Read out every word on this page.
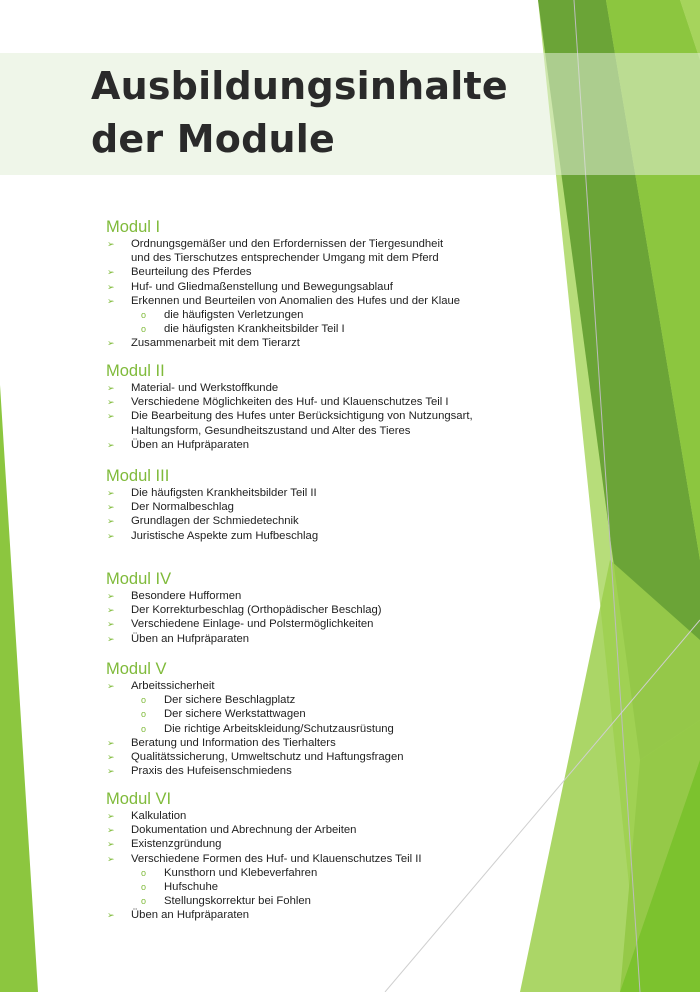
Ausbildungsinhalte
der Module
Modul I
➢ Ordnungsgemäßer und den Erfordernissen der Tiergesundheit
und des Tierschutzes entsprechender Umgang mit dem Pferd
➢ Beurteilung des Pferdes
➢ Huf- und Gliedmaßenstellung und Bewegungsablauf
➢ Erkennen und Beurteilen von Anomalien des Hufes und der Klaue
o die häufigsten Verletzungen
o die häufigsten Krankheitsbilder Teil I
➢ Zusammenarbeit mit dem Tierarzt
Modul II
➢ Material- und Werkstoffkunde
➢ Verschiedene Möglichkeiten des Huf- und Klauenschutzes Teil I
➢ Die Bearbeitung des Hufes unter Berücksichtigung von Nutzungsart,
Haltungsform, Gesundheitszustand und Alter des Tieres
➢ Üben an Hufpräparaten
Modul III
➢ Die häufigsten Krankheitsbilder Teil II
➢ Der Normalbeschlag
➢ Grundlagen der Schmiedetechnik
➢ Juristische Aspekte zum Hufbeschlag
Modul IV
➢ Besondere Hufformen
➢ Der Korrekturbeschlag (Orthopädischer Beschlag)
➢ Verschiedene Einlage- und Polstermöglichkeiten
➢ Üben an Hufpräparaten
Modul V
➢ Arbeitssicherheit
o Der sichere Beschlagplatz
o Der sichere Werkstattwagen
o Die richtige Arbeitskleidung/Schutzausrüstung
➢ Beratung und Information des Tierhalters
➢ Qualitätssicherung, Umweltschutz und Haftungsfragen
➢ Praxis des Hufeisenschmiedens
Modul VI
➢ Kalkulation
➢ Dokumentation und Abrechnung der Arbeiten
➢ Existenzgründung
➢ Verschiedene Formen des Huf- und Klauenschutzes Teil II
o Kunsthorn und Klebeverfahren
o Hufschuhe
o Stellungskorrektur bei Fohlen
➢ Üben an Hufpräparaten
